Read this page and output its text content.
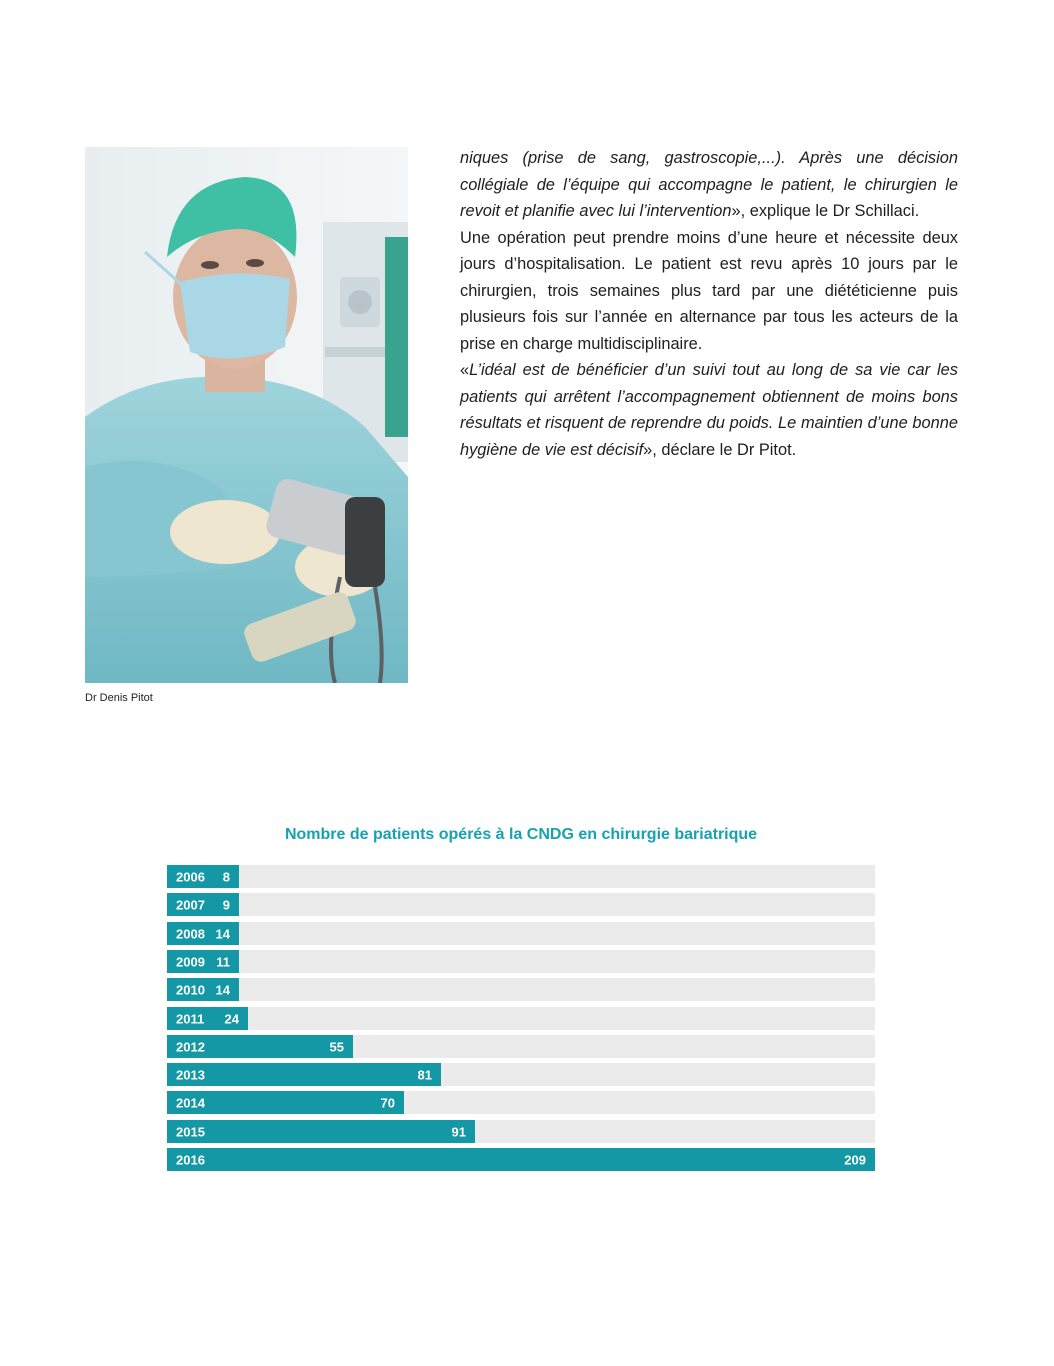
Dr Denis Pitot

niques (prise de sang, gastroscopie,...). Après une décision collégiale de l’équipe qui accompagne le patient, le chirurgien le revoit et planifie avec lui l’intervention», explique le Dr Schillaci.

Une opération peut prendre moins d’une heure et nécessite deux jours d’hospitalisation. Le patient est revu après 10 jours par le chirurgien, trois semaines plus tard par une diététicienne puis plusieurs fois sur l’année en alternance par tous les acteurs de la prise en charge multidisciplinaire.

«L’idéal est de bénéficier d’un suivi tout au long de sa vie car les patients qui arrêtent l’accompagnement obtiennent de moins bons résultats et risquent de reprendre du poids. Le maintien d’une bonne hygiène de vie est décisif», déclare le Dr Pitot.

Nombre de patients opérés à la CNDG en chirurgie bariatrique
2006 8
2007 9
2008 14
2009 11
2010 14
2011 24
2012	55
2013	81
2014	70
2015	91
2016	209
